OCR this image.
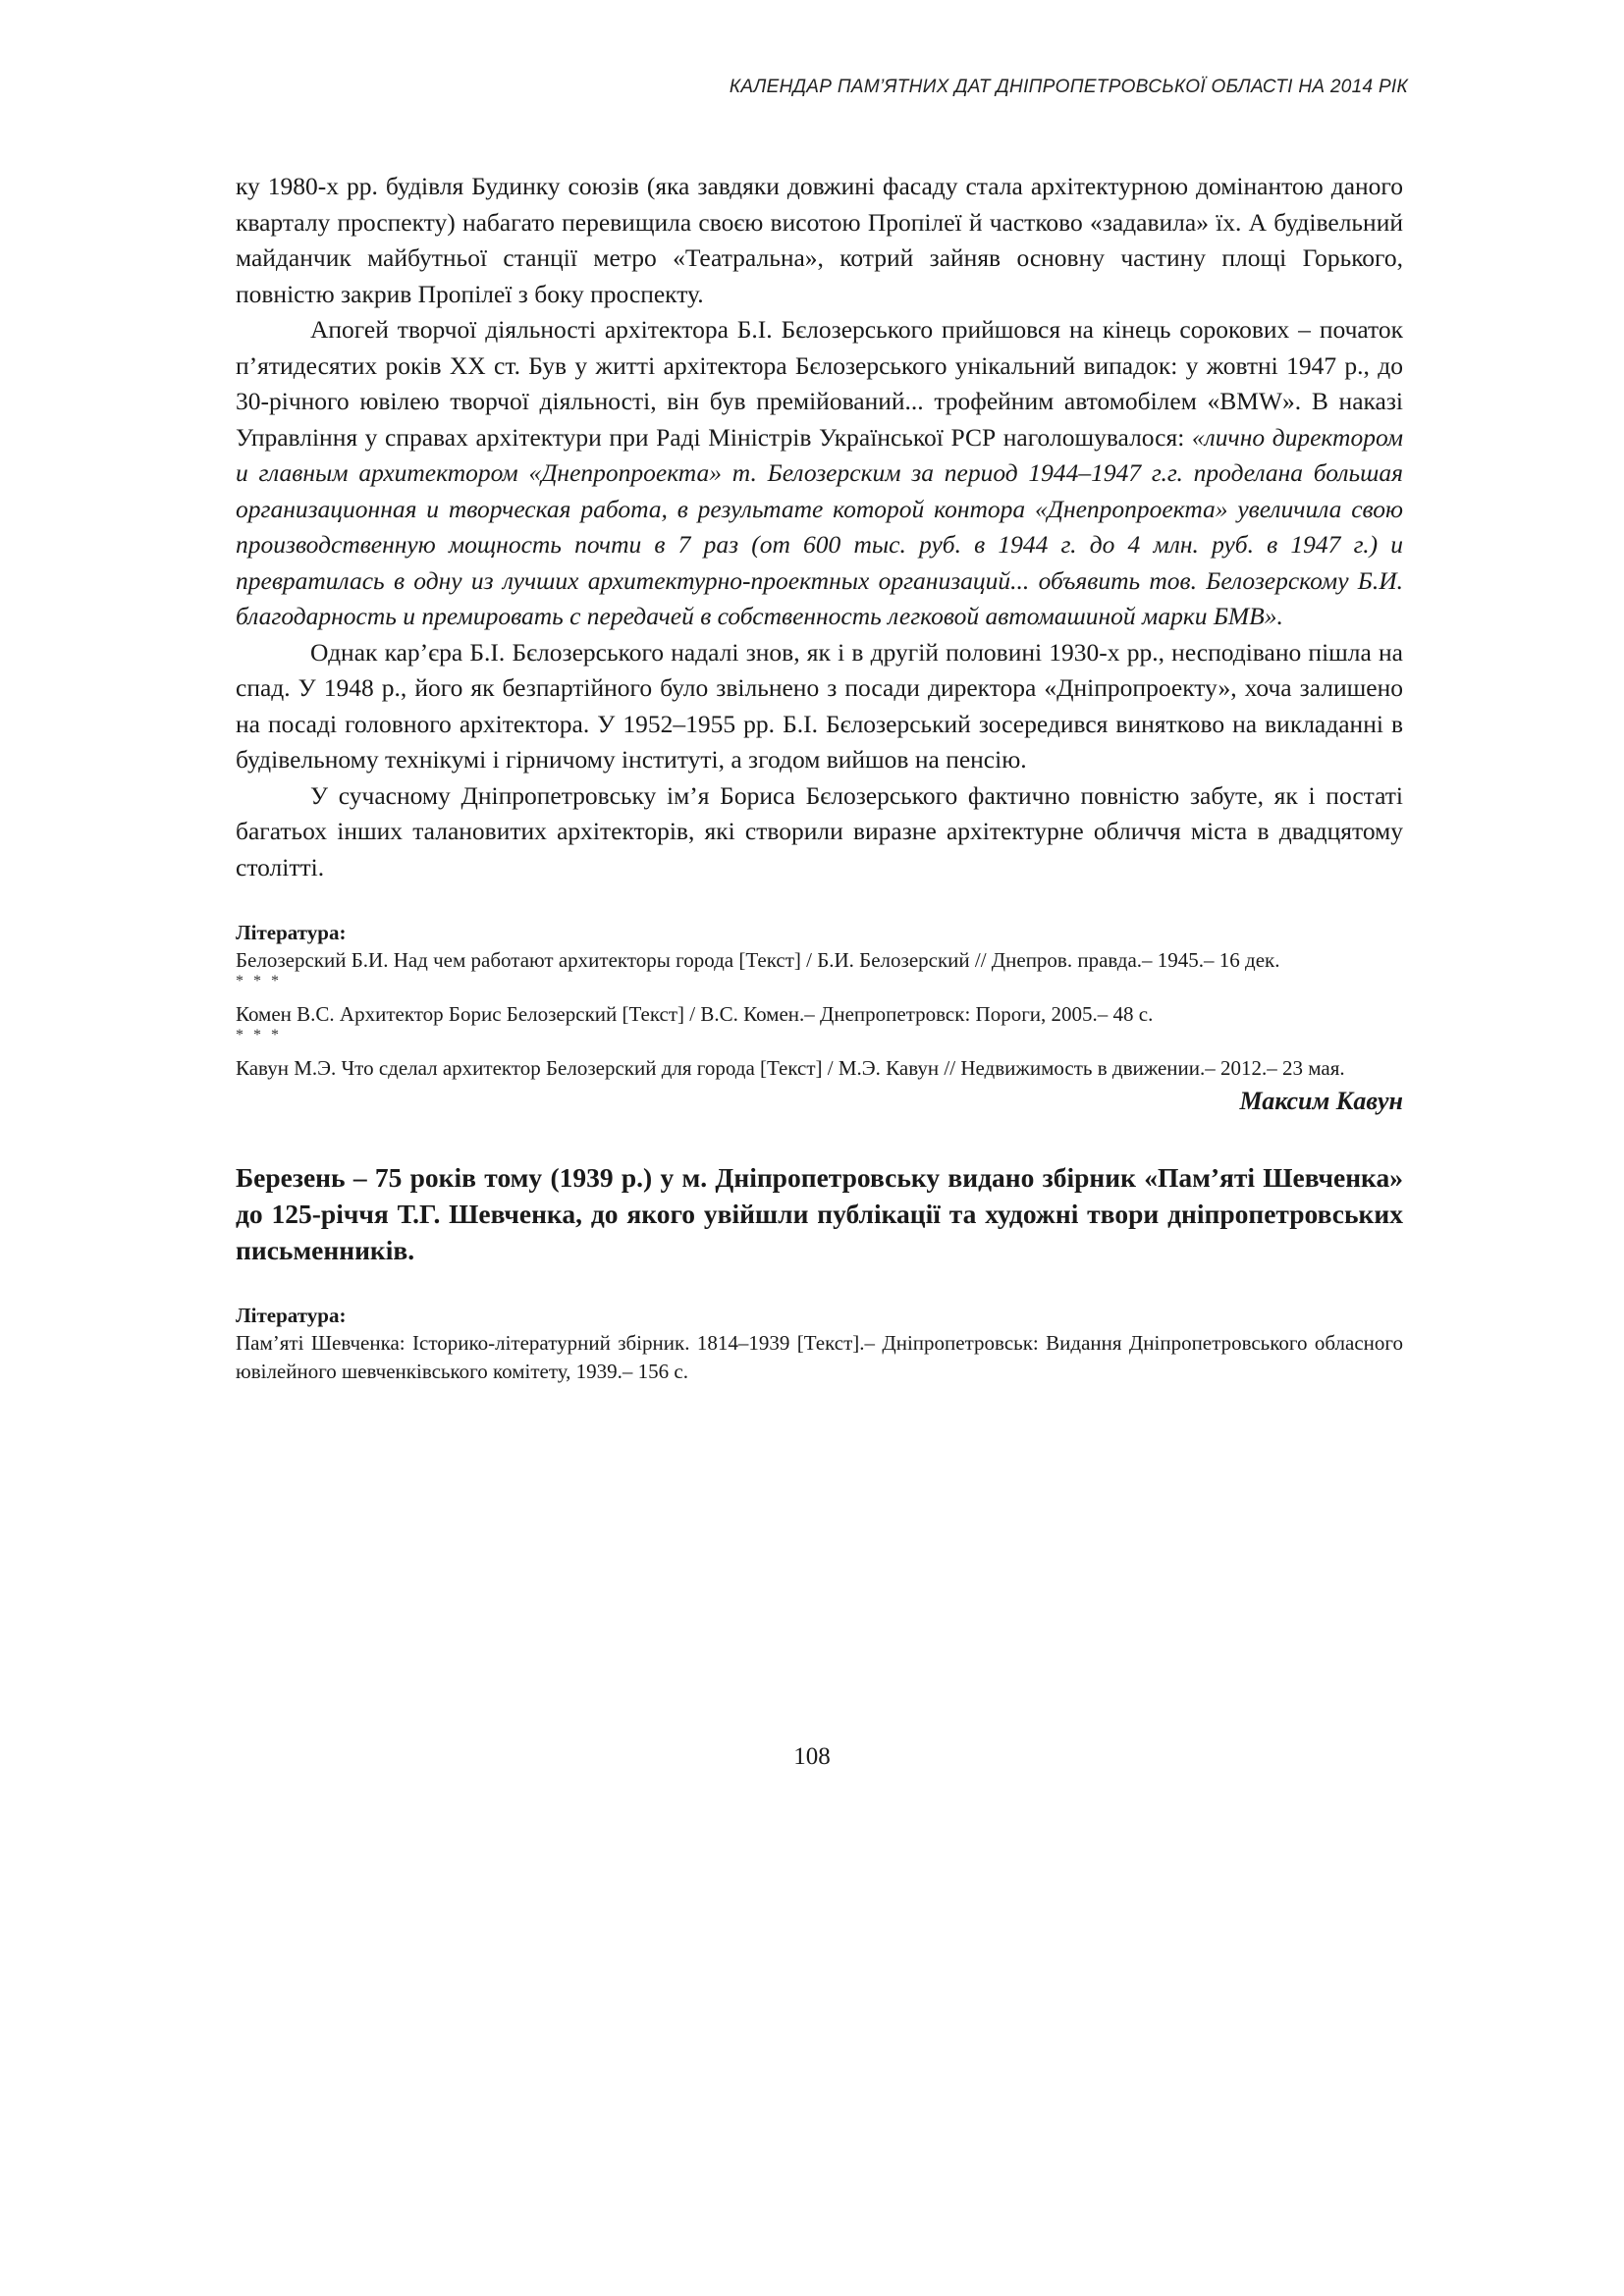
КАЛЕНДАР ПАМ’ЯТНИХ ДАТ ДНІПРОПЕТРОВСЬКОЇ ОБЛАСТІ НА 2014 РІК

ку 1980-х рр. будівля Будинку союзів (яка завдяки довжині фасаду стала архітектурною домінантою даного кварталу проспекту) набагато перевищила своєю висотою Пропілеї й частково «задавила» їх. А будівельний майданчик майбутньої станції метро «Театральна», котрий зайняв основну частину площі Горького, повністю закрив Пропілеї з боку проспекту.

Апогей творчої діяльності архітектора Б.І. Бєлозерського прийшовся на кінець сорокових – початок п’ятидесятих років ХХ ст. Був у житті архітектора Бєлозерського унікальний випадок: у жовтні 1947 р., до 30-річного ювілею творчої діяльності, він був премійований... трофейним автомобілем «BMW». В наказі Управління у справах архітектури при Раді Міністрів Української РСР наголошувалося: «лично директором и главным архитектором «Днепропроекта» т. Белозерским за период 1944–1947 г.г. проделана большая организационная и творческая работа, в результате которой контора «Днепропроекта» увеличила свою производственную мощность почти в 7 раз (от 600 тыс. руб. в 1944 г. до 4 млн. руб. в 1947 г.) и превратилась в одну из лучших архитектурно-проектных организаций... объявить тов. Белозерскому Б.И. благодарность и премировать с передачей в собственность легковой автомашиной марки БМВ».

Однак кар’єра Б.І. Бєлозерського надалі знов, як і в другій половині 1930-х рр., несподівано пішла на спад. У 1948 р., його як безпартійного було звільнено з посади директора «Дніпропроекту», хоча залишено на посаді головного архітектора. У 1952–1955 рр. Б.І. Бєлозерський зосередився винятково на викладанні в будівельному технікумі і гірничому інституті, а згодом вийшов на пенсію.

У сучасному Дніпропетровську ім’я Бориса Бєлозерського фактично повністю забуте, як і постаті багатьох інших талановитих архітекторів, які створили виразне архітектурне обличчя міста в двадцятому столітті.

Література:

Белозерский Б.И. Над чем работают архитекторы города [Текст] / Б.И. Белозерский // Днепров. правда.– 1945.– 16 дек.

* * *

Комен В.С. Архитектор Борис Белозерский [Текст] / В.С. Комен.– Днепропетровск: Пороги, 2005.– 48 с.

* * *

Кавун М.Э. Что сделал архитектор Белозерский для города [Текст] / М.Э. Кавун // Недвижимость в движении.– 2012.– 23 мая.

Максим Кавун

Березень – 75 років тому (1939 р.) у м. Дніпропетровську видано збірник «Пам’яті Шевченка» до 125-річчя Т.Г. Шевченка, до якого увійшли публікації та художні твори дніпропетровських письменників.

Література:

Пам’яті Шевченка: Історико-літературний збірник. 1814–1939 [Текст].– Дніпропетровськ: Видання Дніпропетровського обласного ювілейного шевченківського комітету, 1939.– 156 с.

108
